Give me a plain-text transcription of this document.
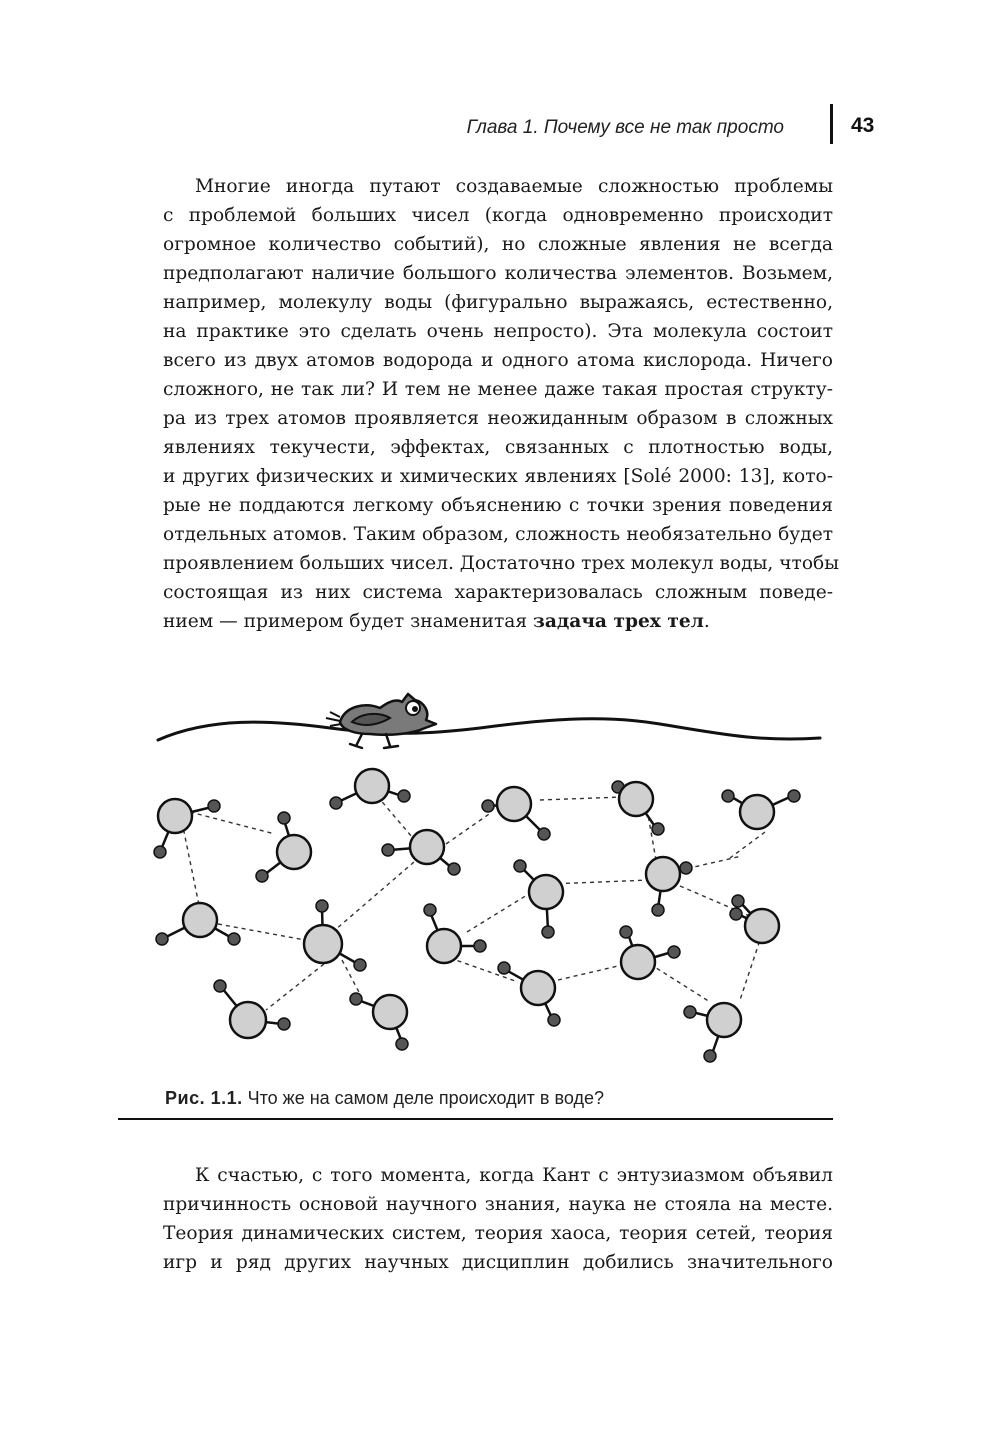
Глава 1. Почему все не так просто	43
Многие иногда путают создаваемые сложностью проблемы
с проблемой больших чисел (когда одновременно происходит
огромное количество событий), но сложные явления не всегда
предполагают наличие большого количества элементов. Возьмем,
например, молекулу воды (фигурально выражаясь, естественно,
на практике это сделать очень непросто). Эта молекула состоит
всего из двух атомов водорода и одного атома кислорода. Ничего
сложного, не так ли? И тем не менее даже такая простая структу-
ра из трех атомов проявляется неожиданным образом в сложных
явлениях текучести, эффектах, связанных с плотностью воды,
и других физических и химических явлениях [Solé 2000: 13], кото-
рые не поддаются легкому объяснению с точки зрения поведения
отдельных атомов. Таким образом, сложность необязательно будет
проявлением больших чисел. Достаточно трех молекул воды, чтобы
состоящая из них система характеризовалась сложным поведе-
нием — примером будет знаменитая задача трех тел.
Рис. 1.1. Что же на самом деле происходит в воде?
К счастью, с того момента, когда Кант с энтузиазмом объявил
причинность основой научного знания, наука не стояла на месте.
Теория динамических систем, теория хаоса, теория сетей, теория
игр и ряд других научных дисциплин добились значительного
